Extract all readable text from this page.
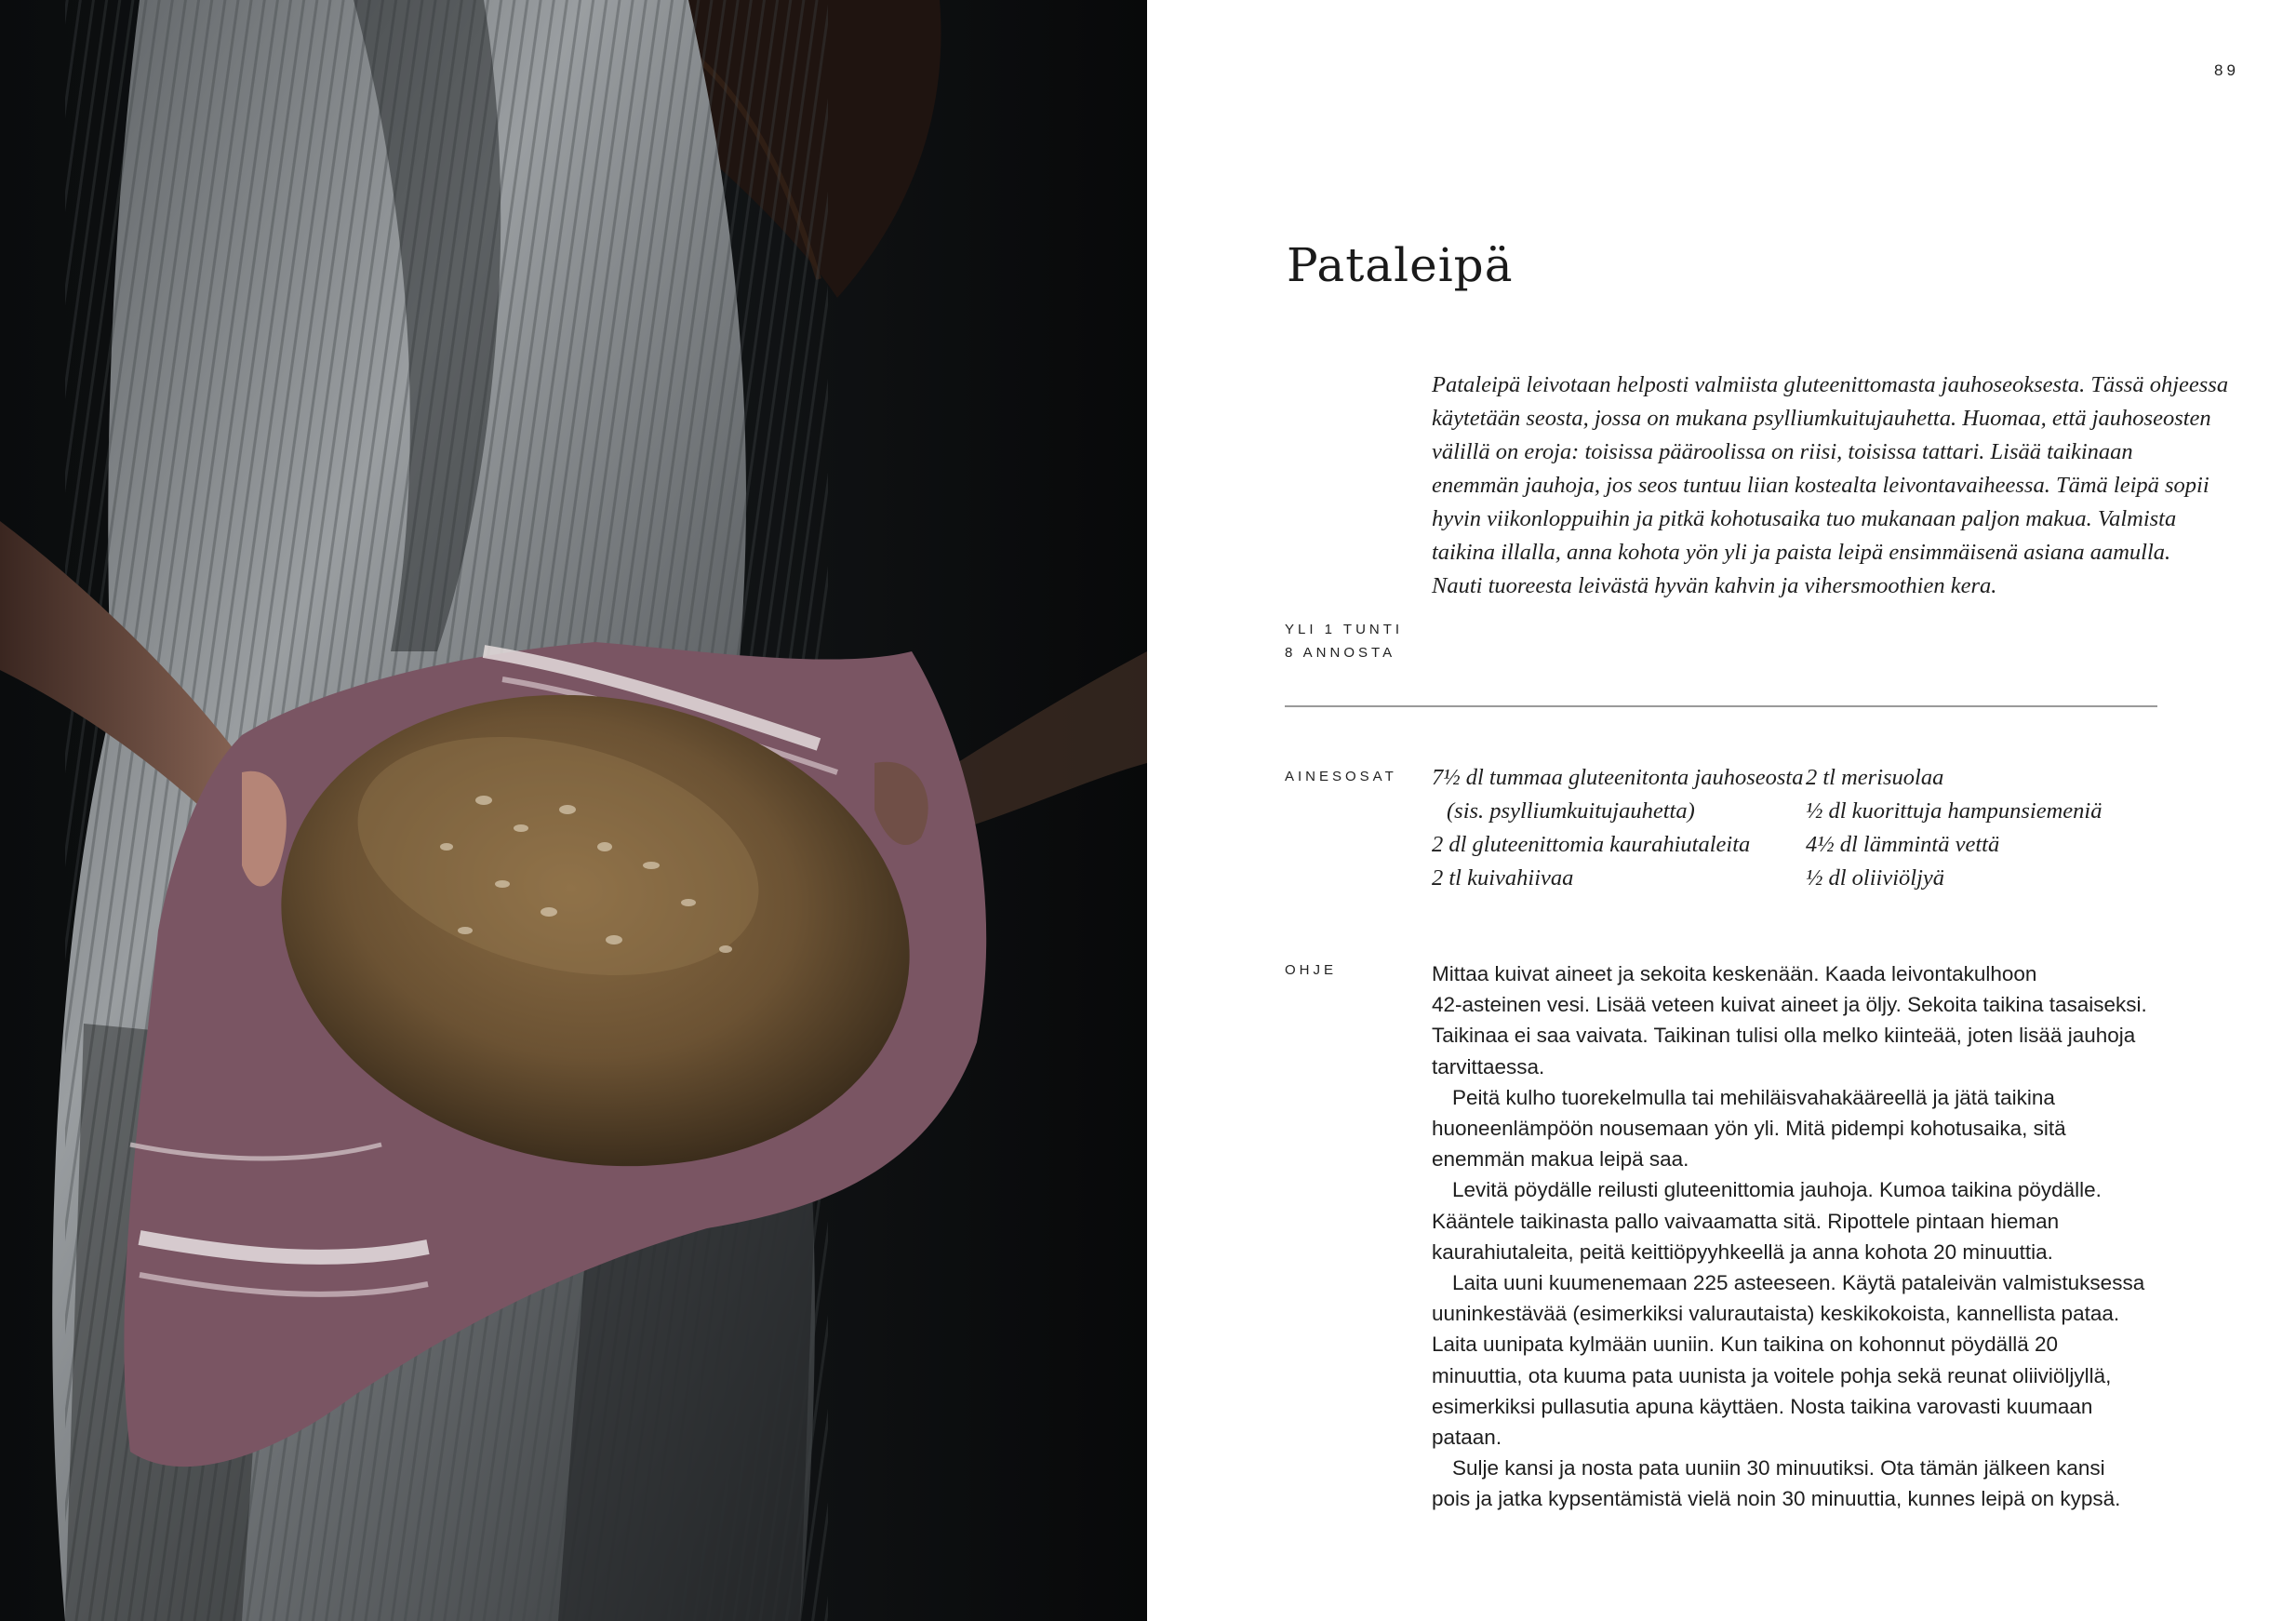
89
Pataleipä
Pataleipä leivotaan helposti valmiista gluteenittomasta jauhoseoksesta. Tässä ohjeessa
käytetään seosta, jossa on mukana psylliumkuitujauhetta. Huomaa, että jauhoseosten
välillä on eroja: toisissa pääroolissa on riisi, toisissa tattari. Lisää taikinaan
enemmän jauhoja, jos seos tuntuu liian kostealta leivontavaiheessa. Tämä leipä sopii
hyvin viikonloppuihin ja pitkä kohotusaika tuo mukanaan paljon makua. Valmista
taikina illalla, anna kohota yön yli ja paista leipä ensimmäisenä asiana aamulla.
Nauti tuoreesta leivästä hyvän kahvin ja vihersmoothien kera.
YLI 1 TUNTI
8 ANNOSTA
AINESOSAT 7½ dl tummaa gluteenitonta jauhoseosta
(sis. psylliumkuitujauhetta)
2 dl gluteenittomia kaurahiutaleita
2 tl kuivahiivaa
2 tl merisuolaa
½ dl kuorittuja hampunsiemeniä
4½ dl lämmintä vettä
½ dl oliiviöljyä
OHJE	Mittaa kuivat aineet ja sekoita keskenään. Kaada leivontakulhoon
42-asteinen vesi. Lisää veteen kuivat aineet ja öljy. Sekoita taikina tasaiseksi.
Taikinaa ei saa vaivata. Taikinan tulisi olla melko kiinteää, joten lisää jauhoja
tarvittaessa.
Peitä kulho tuorekelmulla tai mehiläisvahakääreellä ja jätä taikina
huoneenlämpöön nousemaan yön yli. Mitä pidempi kohotusaika, sitä
enemmän makua leipä saa.
Levitä pöydälle reilusti gluteenittomia jauhoja. Kumoa taikina pöydälle.
Kääntele taikinasta pallo vaivaamatta sitä. Ripottele pintaan hieman
kaurahiutaleita, peitä keittiöpyyhkeellä ja anna kohota 20 minuuttia.
Laita uuni kuumenemaan 225 asteeseen. Käytä pataleivän valmistuksessa
uuninkestävää (esimerkiksi valurautaista) keskikokoista, kannellista pataa.
Laita uunipata kylmään uuniin. Kun taikina on kohonnut pöydällä 20
minuuttia, ota kuuma pata uunista ja voitele pohja sekä reunat oliiviöljyllä,
esimerkiksi pullasutia apuna käyttäen. Nosta taikina varovasti kuumaan
pataan.
Sulje kansi ja nosta pata uuniin 30 minuutiksi. Ota tämän jälkeen kansi
pois ja jatka kypsentämistä vielä noin 30 minuuttia, kunnes leipä on kypsä.
